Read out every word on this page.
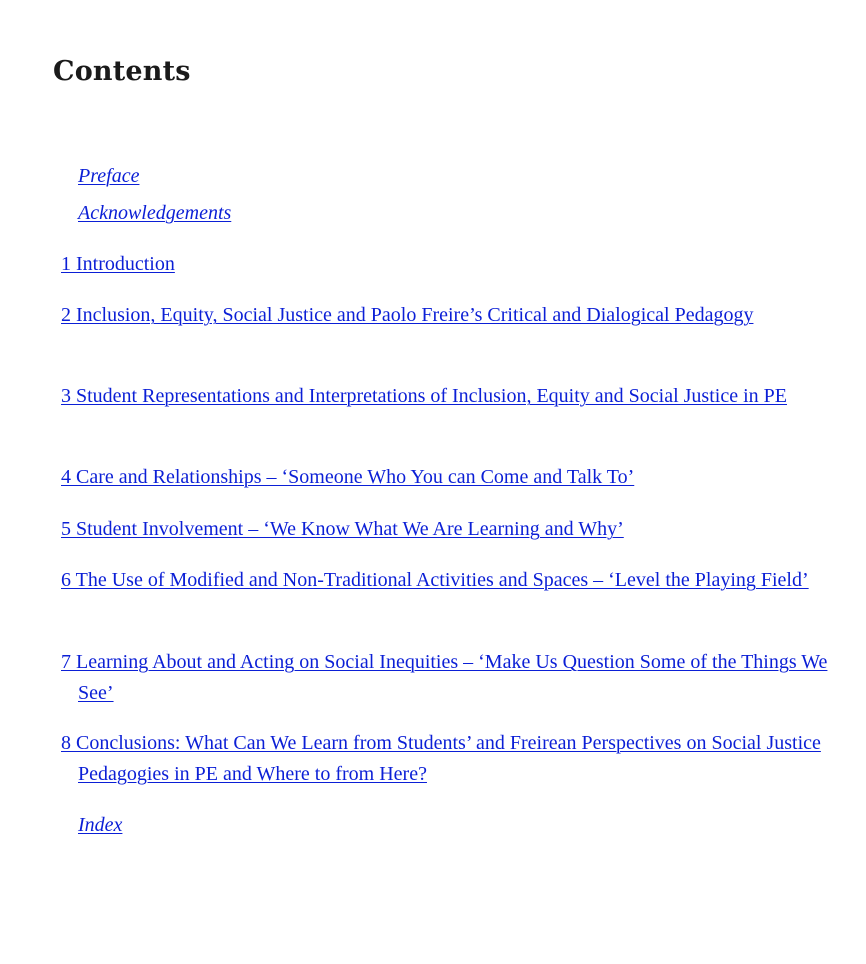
Contents
Preface
Acknowledgements
1 Introduction
2 Inclusion, Equity, Social Justice and Paolo Freire’s Critical and Dialogical Pedagogy
3 Student Representations and Interpretations of Inclusion, Equity and Social Justice in PE
4 Care and Relationships – ‘Someone Who You can Come and Talk To’
5 Student Involvement – ‘We Know What We Are Learning and Why’
6 The Use of Modified and Non-Traditional Activities and Spaces – ‘Level the Playing Field’
7 Learning About and Acting on Social Inequities – ‘Make Us Question Some of the Things We See’
8 Conclusions: What Can We Learn from Students’ and Freirean Perspectives on Social Justice Pedagogies in PE and Where to from Here?
Index
